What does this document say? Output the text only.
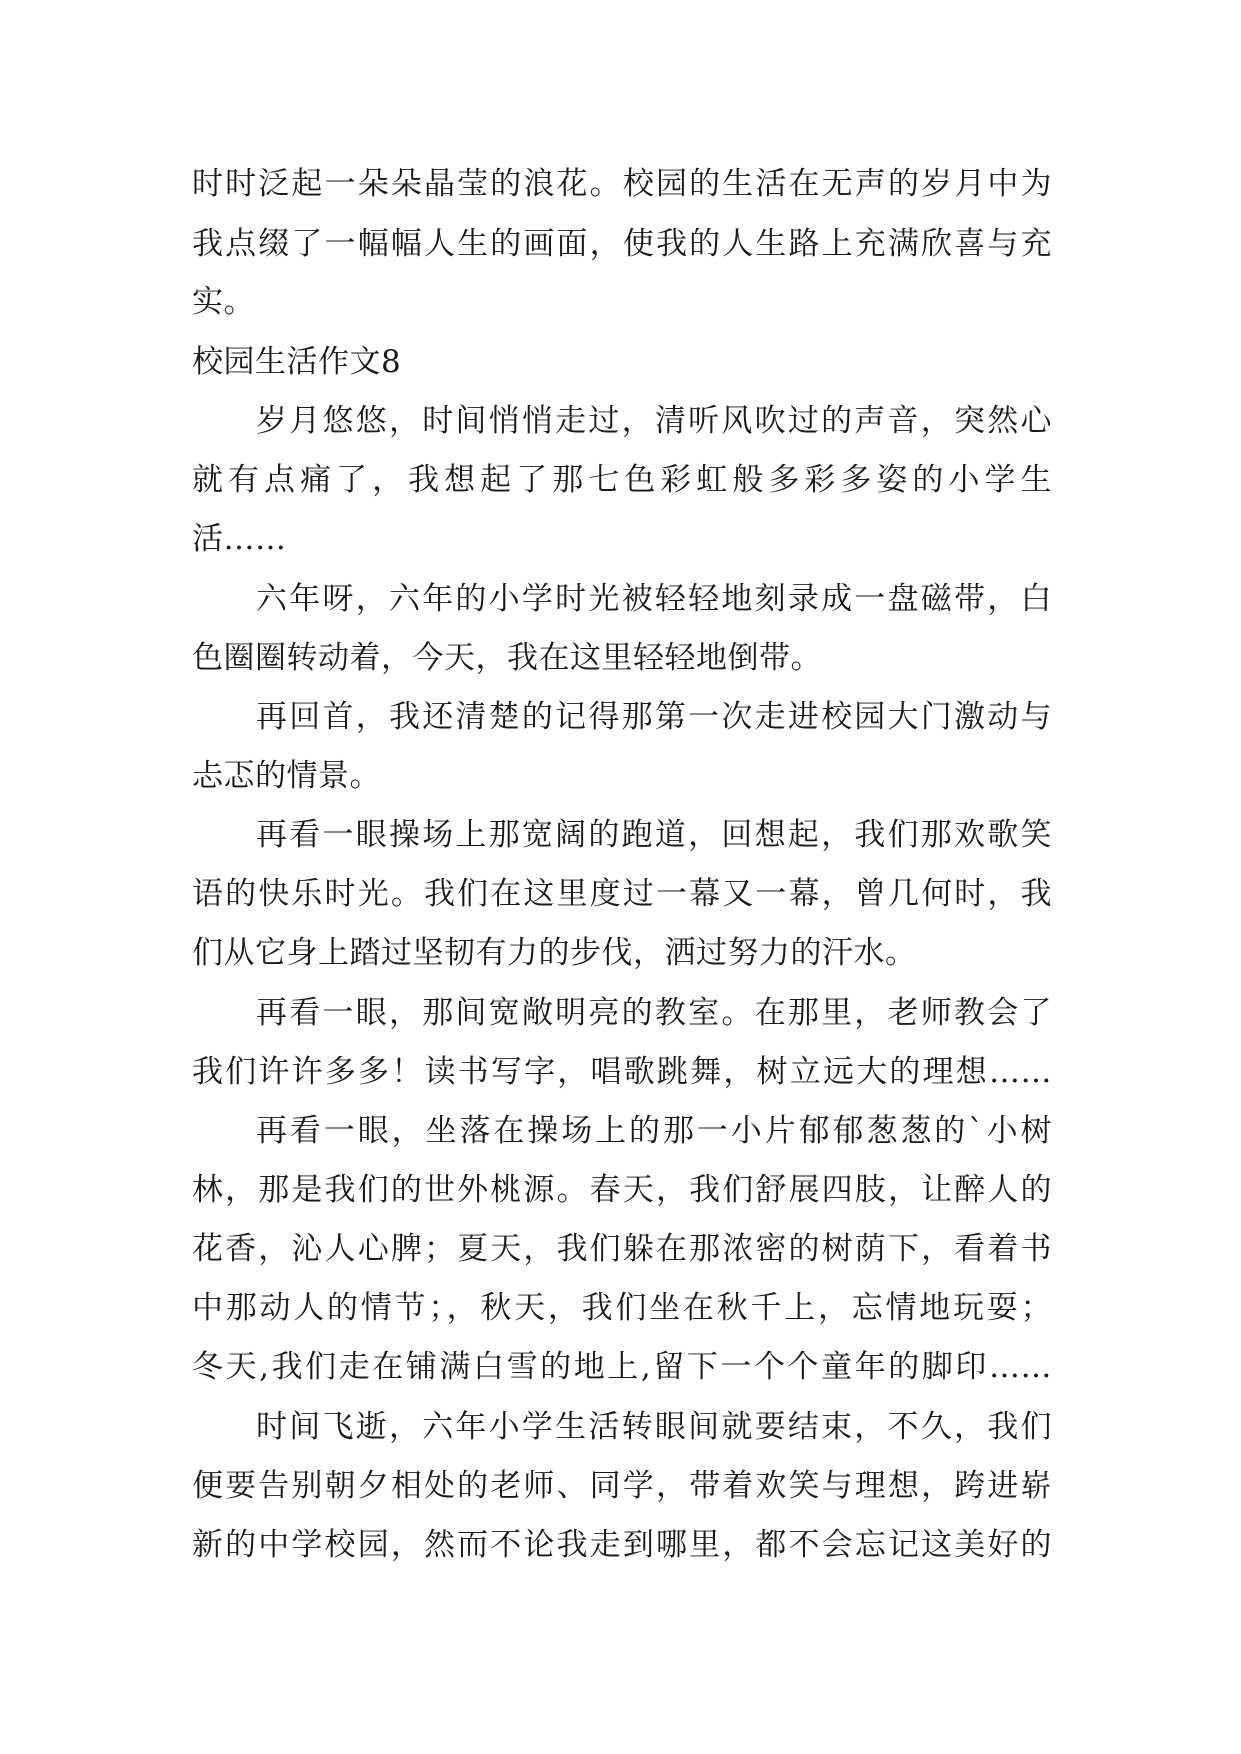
时时泛起一朵朵晶莹的浪花。校园的生活在无声的岁月中为
我点缀了一幅幅人生的画面，使我的人生路上充满欣喜与充
实。
校园生活作文8
岁月悠悠，时间悄悄走过，清听风吹过的声音，突然心
就有点痛了，我想起了那七色彩虹般多彩多姿的小学生
活……
六年呀，六年的小学时光被轻轻地刻录成一盘磁带，白
色圈圈转动着，今天，我在这里轻轻地倒带。
再回首，我还清楚的记得那第一次走进校园大门激动与
忐忑的情景。
再看一眼操场上那宽阔的跑道，回想起，我们那欢歌笑
语的快乐时光。我们在这里度过一幕又一幕，曾几何时，我
们从它身上踏过坚韧有力的步伐，洒过努力的汗水。
再看一眼，那间宽敞明亮的教室。在那里，老师教会了
我们许许多多！读书写字，唱歌跳舞，树立远大的理想……
再看一眼，坐落在操场上的那一小片郁郁葱葱的`小树
林，那是我们的世外桃源。春天，我们舒展四肢，让醉人的
花香，沁人心脾；夏天，我们躲在那浓密的树荫下，看着书
中那动人的情节；，秋天，我们坐在秋千上，忘情地玩耍；
冬天,我们走在铺满白雪的地上,留下一个个童年的脚印……
时间飞逝，六年小学生活转眼间就要结束，不久，我们
便要告别朝夕相处的老师、同学，带着欢笑与理想，跨进崭
新的中学校园，然而不论我走到哪里，都不会忘记这美好的
